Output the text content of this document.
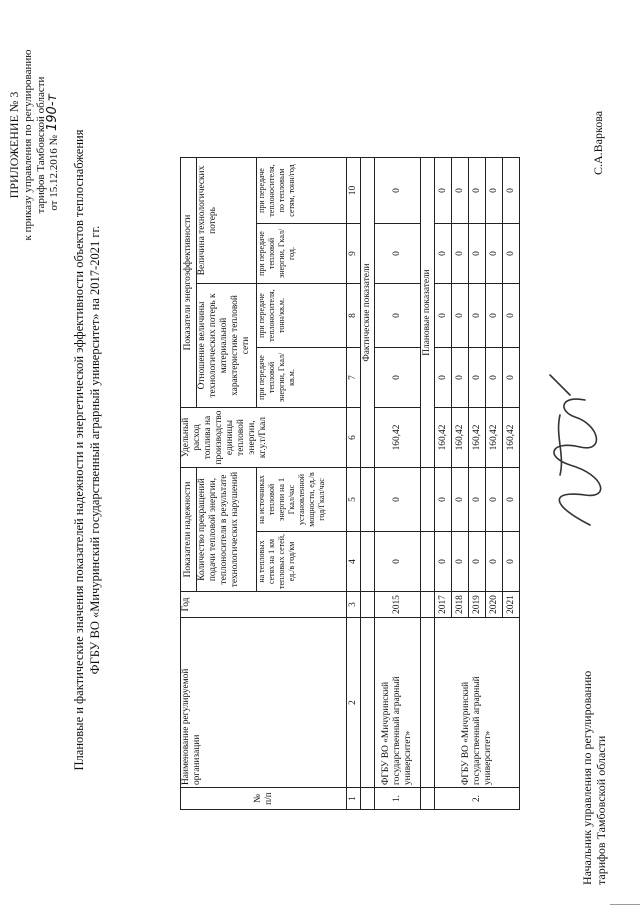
ПРИЛОЖЕНИЕ № 3 к приказу управления по регулированию тарифов Тамбовской области от 15.12.2016 №
190-т
Плановые и фактические значения показателей надежности и энергетической эффективности объектов теплоснабжения ФГБУ ВО «Мичуринский государственный аграрный университет» на 2017-2021 гг.
№ п/п	Наименование регулируемой организации	Год	Показатели надежности		Удельный расход топлива на производство единицы тепловой энергии, кг.у.т/Гкал	Показатели энергоэффективности			
			Количество прекращений подачи тепловой энергии, теплоносителя в результате технологических нарушений			Отношение величины технологических потерь к материальной характеристике тепловой сети		Величина технологических потерь	
			на тепловых сетях на 1 км тепловых сетей, ед./в год/км	на источниках тепловой энергии на 1 Гкал/час установленной мощности, ед./в год/Гкал/час		при передаче тепловой энергии, Гкал/кв.м.	при передаче теплоносителя, тонн/кв.м.	при передаче тепловой энергии, Гкал/год.	при передаче теплоносителя, по тепловым сетям, тонн/год
1	2	3	4	5	6	7	8	9	10
					Фактические показатели				
1.	ФГБУ ВО «Мичуринский государственный аграрный университет»	2015	0	0	160,42	0	0	0	0
					Плановые показатели				
2.	ФГБУ ВО «Мичуринский государственный аграрный университет»	2017	0	0	160,42	0	0	0	0
		2018	0	0	160,42	0	0	0	0
		2019	0	0	160,42	0	0	0	0
		2020	0	0	160,42	0	0	0	0
		2021	0	0	160,42	0	0	0	0
Начальник управления по регулированию тарифов Тамбовской области
С.А.Варкова
